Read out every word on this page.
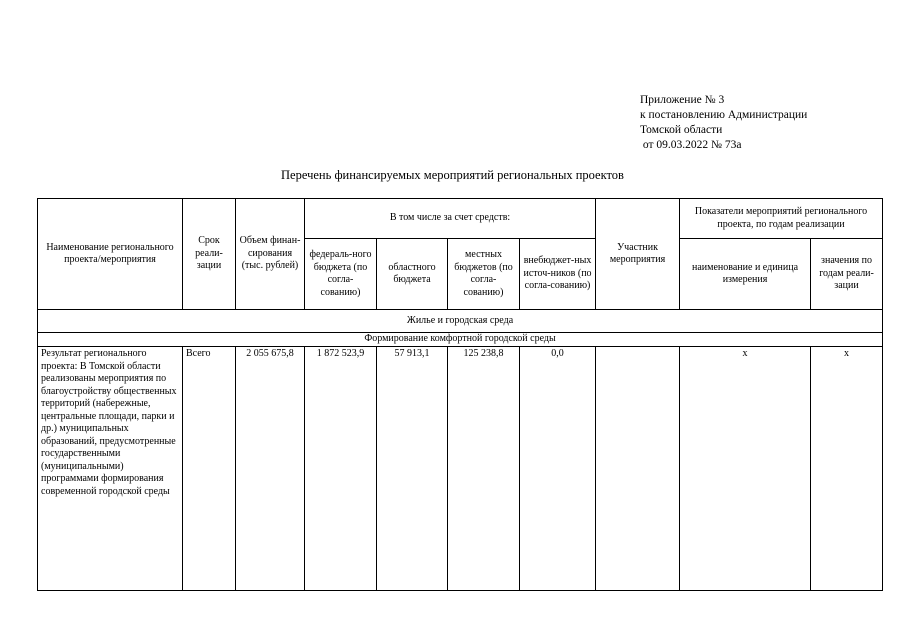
Приложение № 3
к постановлению Администрации
Томской области
от 09.03.2022 № 73а
Перечень финансируемых мероприятий региональных проектов
Наименование регионального проекта/мероприятия	Срок реали-зации	Объем финан-сирования (тыс. рублей)	В том числе за счет средств:				Участник мероприятия	Показатели мероприятий регионального проекта, по годам реализации	
			федераль-ного бюджета (по согла-сованию)	областного бюджета	местных бюджетов (по согла-сованию)	внебюджет-ных источ-ников (по согла-сованию)		наименование и единица измерения	значения по годам реали-зации
Жилье и городская среда									
Формирование комфортной городской среды									
Результат регионального проекта: В Томской области реализованы мероприятия по благоустройству общественных территорий (набережные, центральные площади, парки и др.) муниципальных образований, предусмотренные государственными (муниципальными) программами формирования современной городской среды	Всего	2 055 675,8	1 872 523,9	57 913,1	125 238,8	0,0		x	x
